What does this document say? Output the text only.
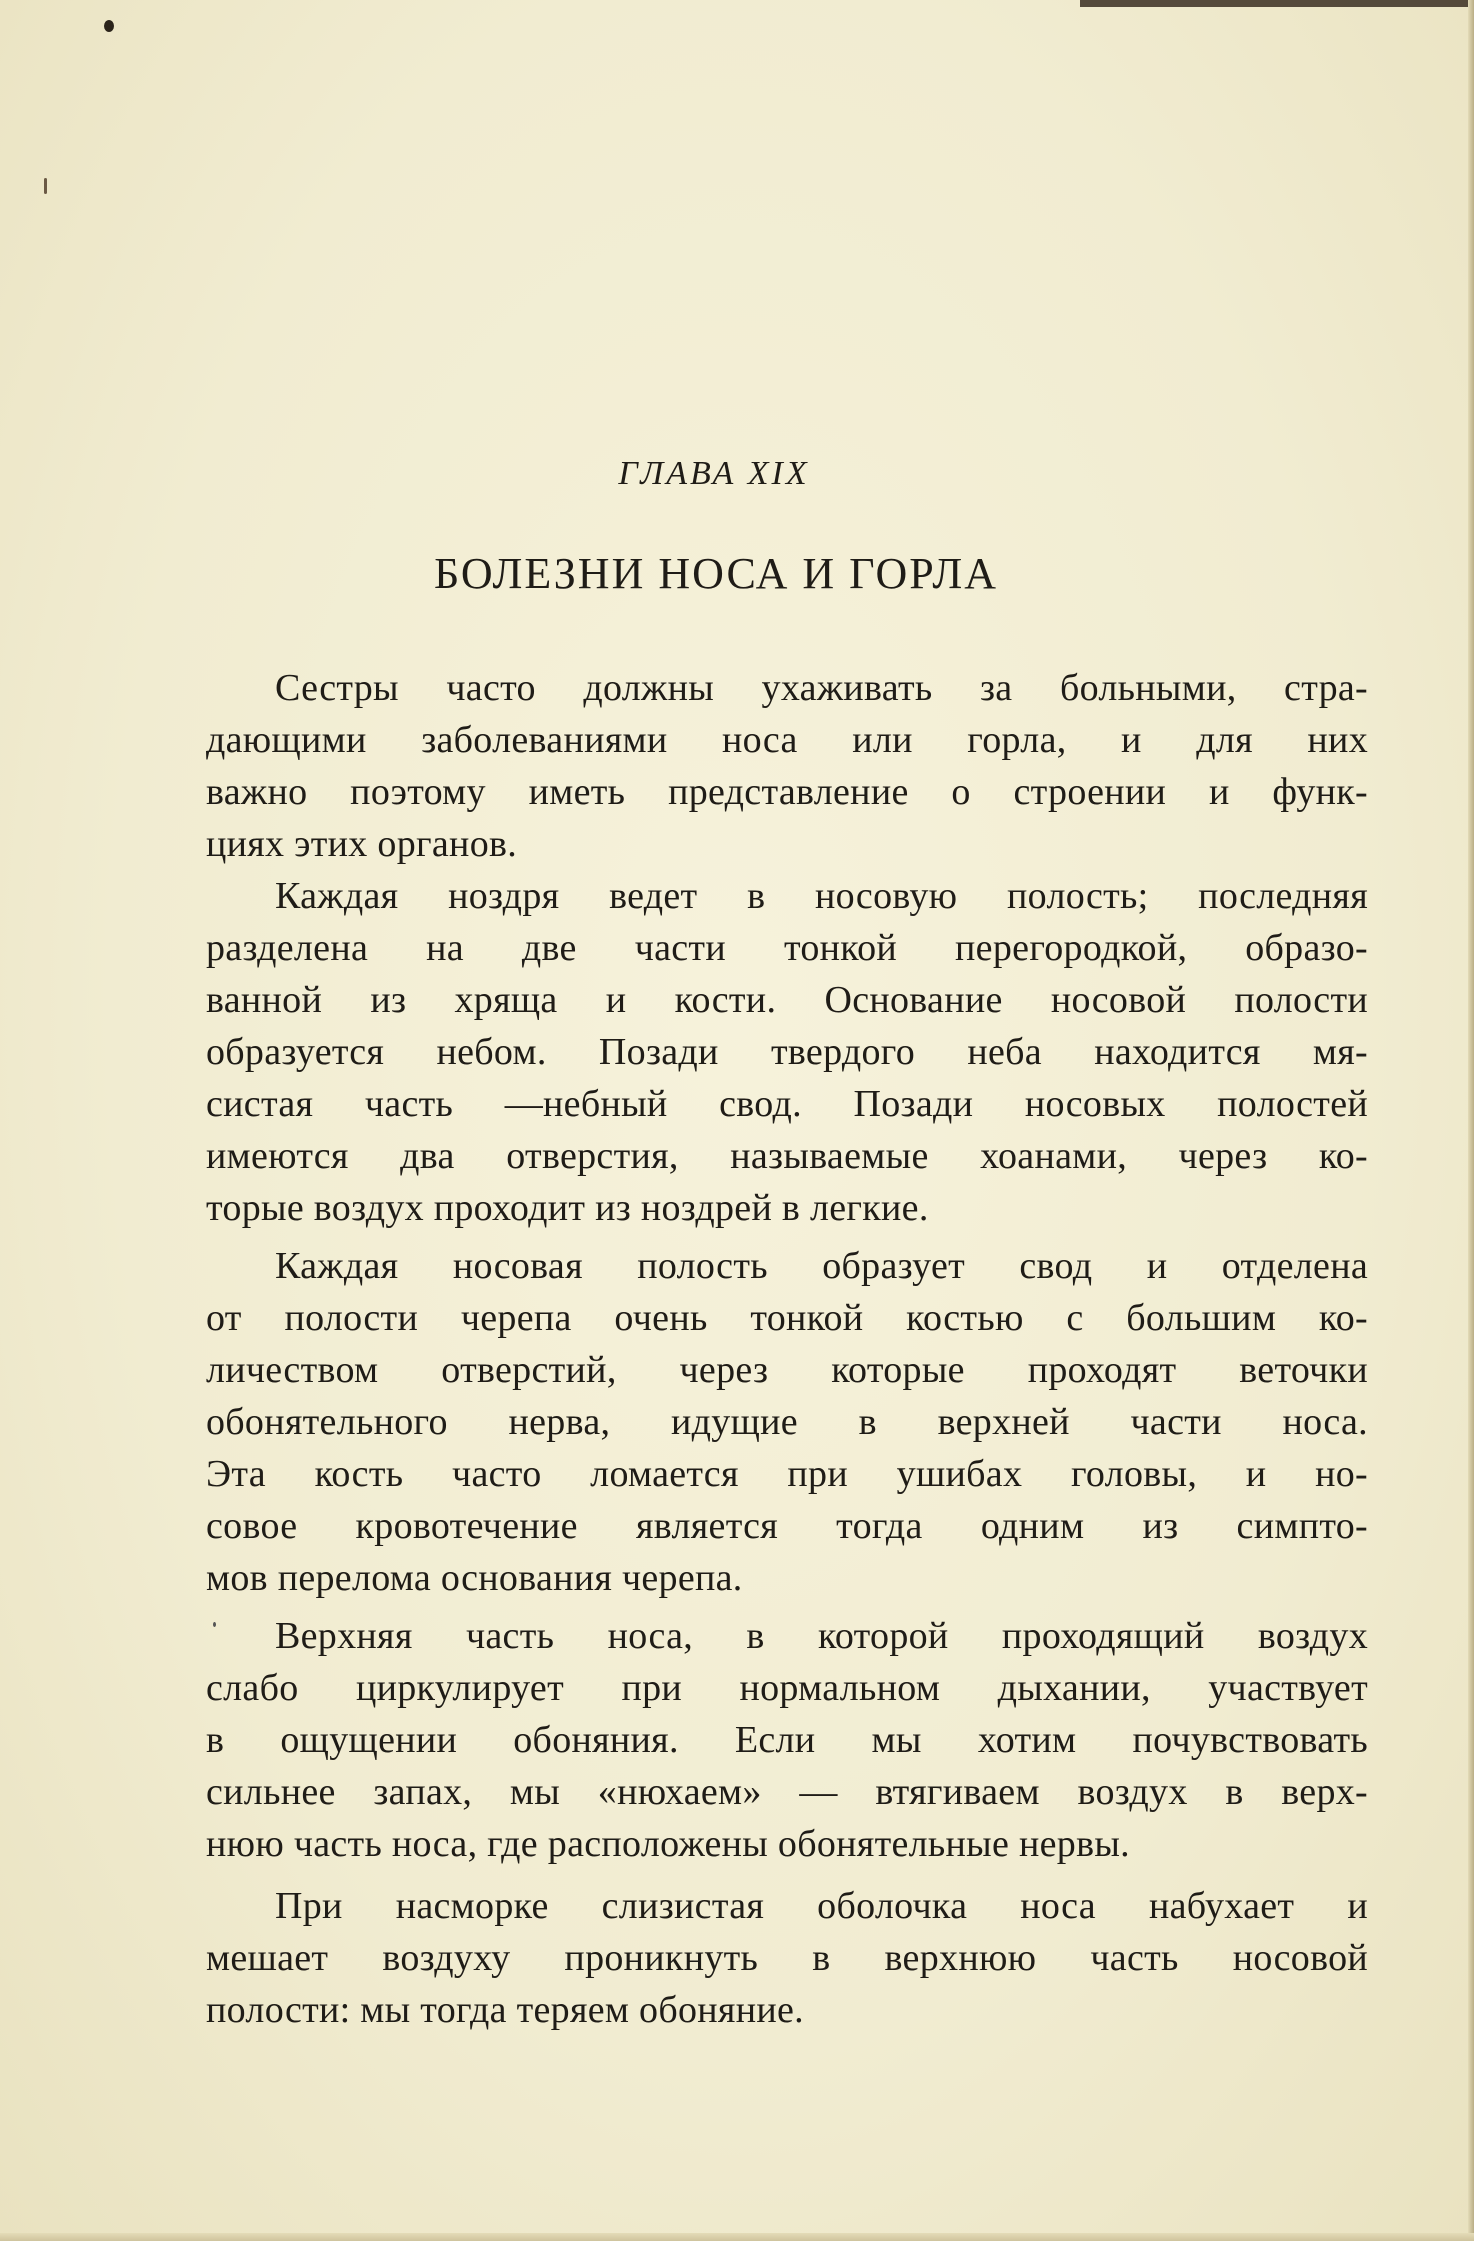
ГЛАВА XIX
БОЛЕЗНИ НОСА И ГОРЛА
Сестры часто должны ухаживать за больными, стра-
дающими заболеваниями носа или горла, и для них
важно поэтому иметь представление о строении и функ-
циях этих органов.
Каждая ноздря ведет в носовую полость; последняя
разделена на две части тонкой перегородкой, образо-
ванной из хряща и кости. Основание носовой полости
образуется небом. Позади твердого неба находится мя-
систая часть —небный свод. Позади носовых полостей
имеются два отверстия, называемые хоанами, через ко-
торые воздух проходит из ноздрей в легкие.
Каждая носовая полость образует свод и отделена
от полости черепа очень тонкой костью с большим ко-
личеством отверстий, через которые проходят веточки
обонятельного нерва, идущие в верхней части носа.
Эта кость часто ломается при ушибах головы, и но-
совое кровотечение является тогда одним из симпто-
мов перелома основания черепа.
Верхняя часть носа, в которой проходящий воздух
слабо циркулирует при нормальном дыхании, участвует
в ощущении обоняния. Если мы хотим почувствовать
сильнее запах, мы «нюхаем» — втягиваем воздух в верх-
нюю часть носа, где расположены обонятельные нервы.
При насморке слизистая оболочка носа набухает и
мешает воздуху проникнуть в верхнюю часть носовой
полости: мы тогда теряем обоняние.
